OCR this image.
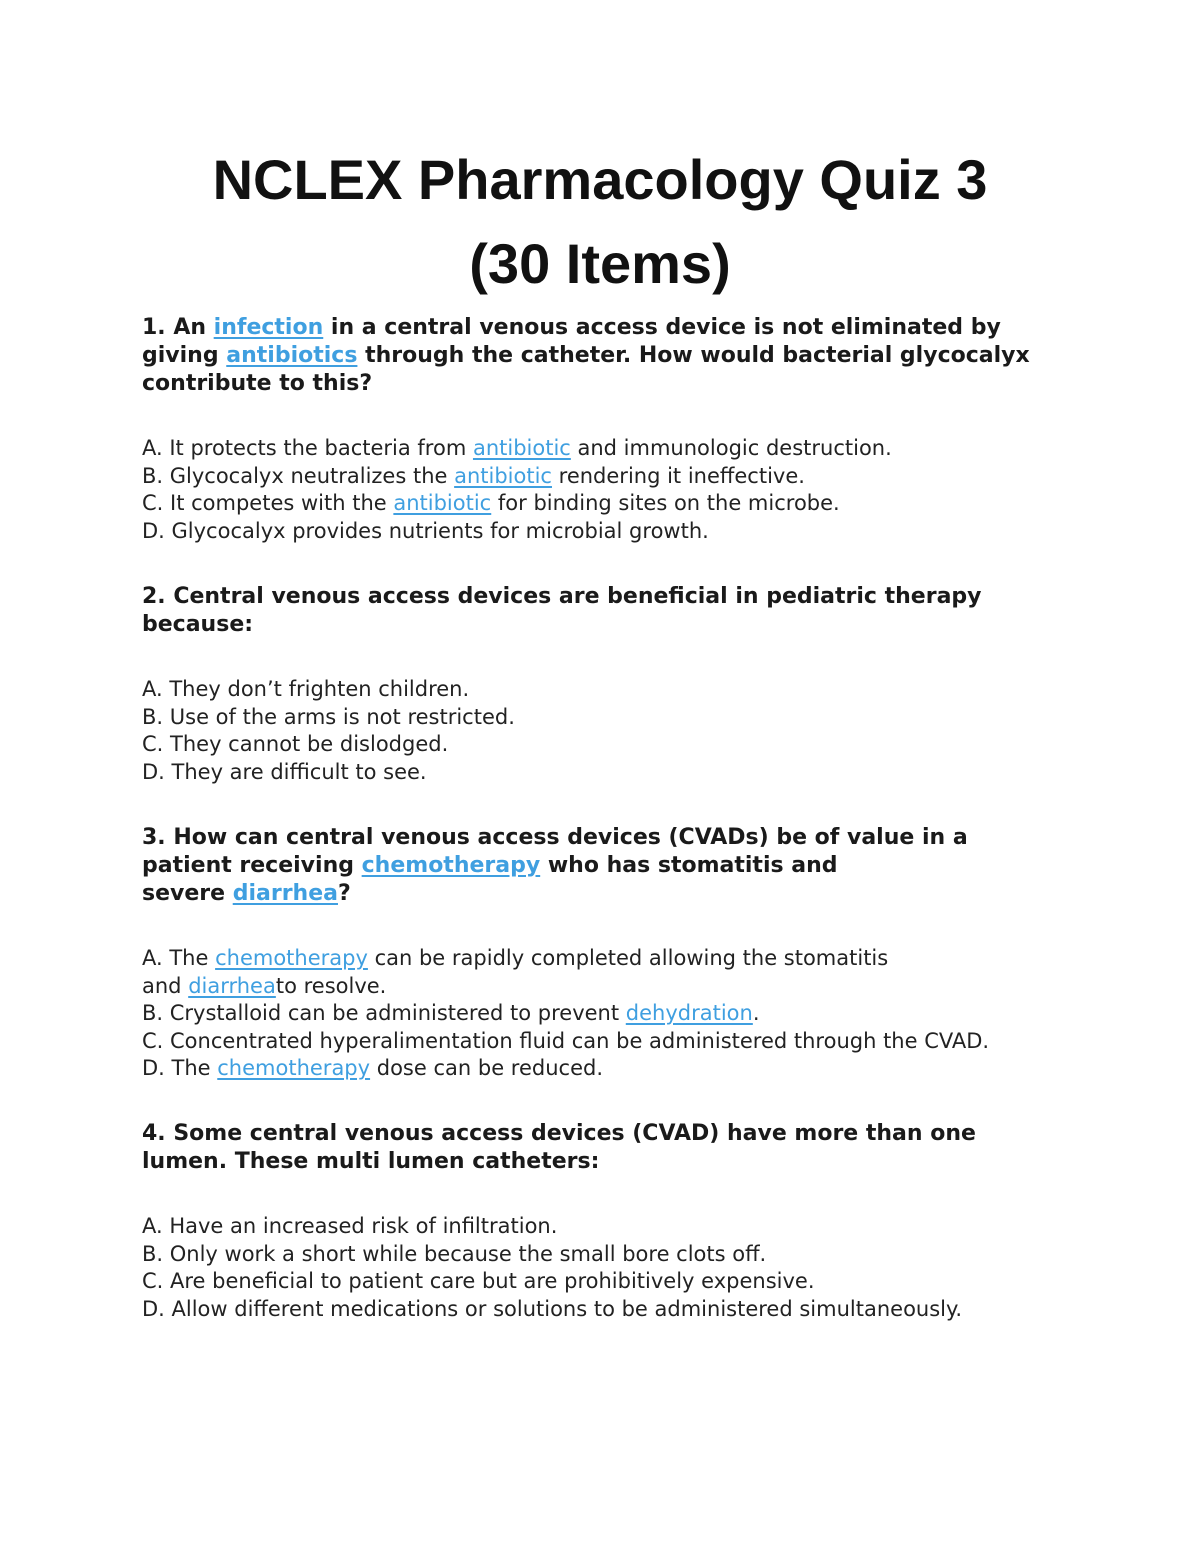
NCLEX Pharmacology Quiz 3
(30 Items)

1. An infection in a central venous access device is not eliminated by
giving antibiotics through the catheter. How would bacterial glycocalyx
contribute to this?

A. It protects the bacteria from antibiotic and immunologic destruction.
B. Glycocalyx neutralizes the antibiotic rendering it ineffective.
C. It competes with the antibiotic for binding sites on the microbe.
D. Glycocalyx provides nutrients for microbial growth.

2. Central venous access devices are beneficial in pediatric therapy
because:

A. They don’t frighten children.
B. Use of the arms is not restricted.
C. They cannot be dislodged.
D. They are difficult to see.

3. How can central venous access devices (CVADs) be of value in a
patient receiving chemotherapy who has stomatitis and
severe diarrhea?

A. The chemotherapy can be rapidly completed allowing the stomatitis
and diarrheato resolve.
B. Crystalloid can be administered to prevent dehydration.
C. Concentrated hyperalimentation fluid can be administered through the CVAD.
D. The chemotherapy dose can be reduced.

4. Some central venous access devices (CVAD) have more than one
lumen. These multi lumen catheters:

A. Have an increased risk of infiltration.
B. Only work a short while because the small bore clots off.
C. Are beneficial to patient care but are prohibitively expensive.
D. Allow different medications or solutions to be administered simultaneously.
